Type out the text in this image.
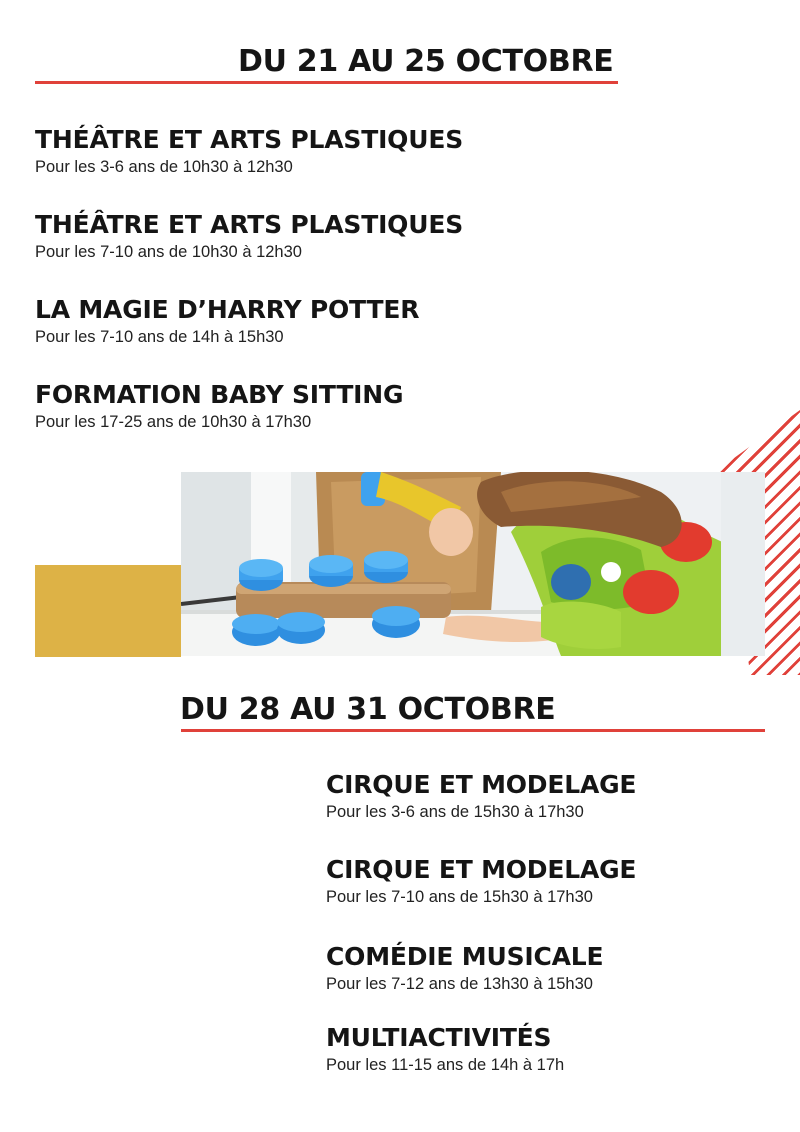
DU 21 AU 25 OCTOBRE
THÉÂTRE ET ARTS PLASTIQUES
Pour les 3-6 ans de 10h30 à 12h30
THÉÂTRE ET ARTS PLASTIQUES
Pour les 7-10 ans de 10h30 à 12h30
LA MAGIE D’HARRY POTTER
Pour les 7-10 ans de 14h à 15h30
FORMATION BABY SITTING
Pour les 17-25 ans de 10h30 à 17h30
DU 28 AU 31 OCTOBRE
CIRQUE ET MODELAGE
Pour les 3-6 ans de 15h30 à 17h30
CIRQUE ET MODELAGE
Pour les 7-10 ans de 15h30 à 17h30
COMÉDIE MUSICALE
Pour les 7-12 ans de 13h30 à 15h30
MULTIACTIVITÉS
Pour les 11-15 ans de 14h à 17h
